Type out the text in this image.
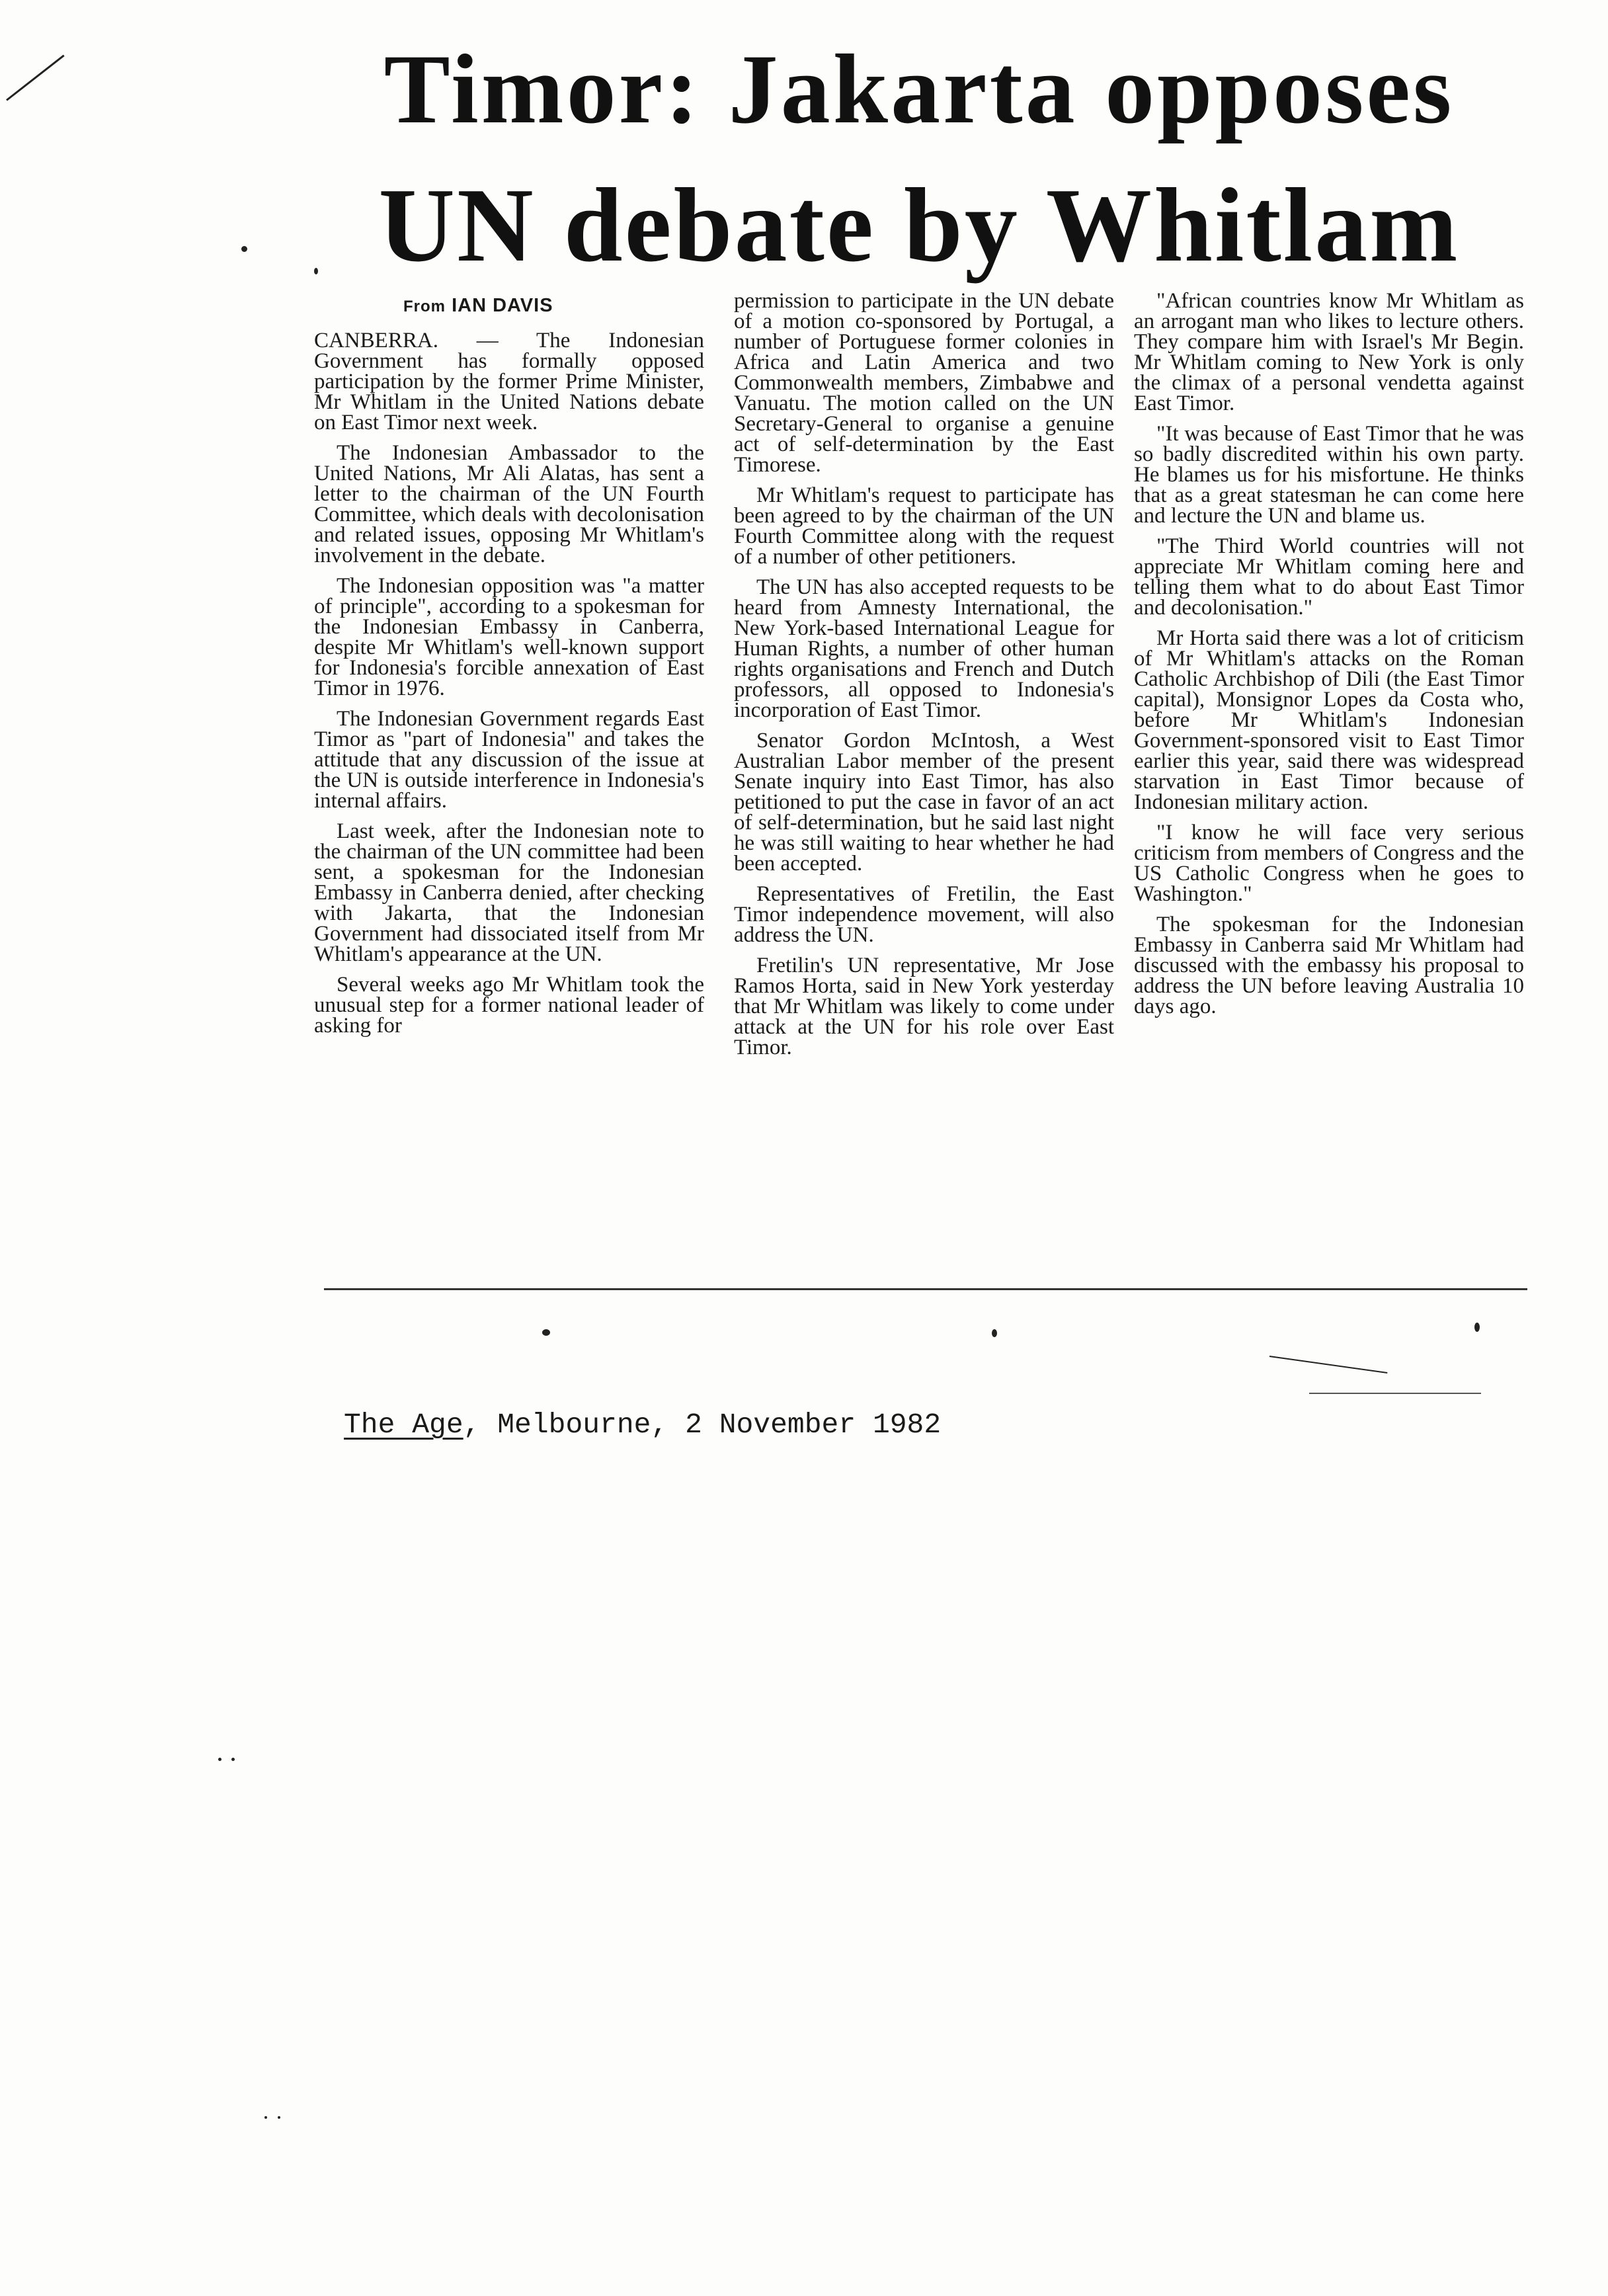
Timor: Jakarta opposes
UN debate by Whitlam
From IAN DAVIS

CANBERRA. — The Indonesian Government has formally opposed participation by the former Prime Minister, Mr Whitlam in the United Nations debate on East Timor next week.

The Indonesian Ambassador to the United Nations, Mr Ali Alatas, has sent a letter to the chairman of the UN Fourth Committee, which deals with decolonisation and related issues, opposing Mr Whitlam's involvement in the debate.

The Indonesian opposition was "a matter of principle", according to a spokesman for the Indonesian Embassy in Canberra, despite Mr Whitlam's well-known support for Indonesia's forcible annexation of East Timor in 1976.

The Indonesian Government regards East Timor as "part of Indonesia" and takes the attitude that any discussion of the issue at the UN is outside interference in Indonesia's internal affairs.

Last week, after the Indonesian note to the chairman of the UN committee had been sent, a spokesman for the Indonesian Embassy in Canberra denied, after checking with Jakarta, that the Indonesian Government had dissociated itself from Mr Whitlam's appearance at the UN.

Several weeks ago Mr Whitlam took the unusual step for a former national leader of asking for

permission to participate in the UN debate of a motion co-sponsored by Portugal, a number of Portuguese former colonies in Africa and Latin America and two Commonwealth members, Zimbabwe and Vanuatu. The motion called on the UN Secretary-General to organise a genuine act of self-determination by the East Timorese.

Mr Whitlam's request to participate has been agreed to by the chairman of the UN Fourth Committee along with the request of a number of other petitioners.

The UN has also accepted requests to be heard from Amnesty International, the New York-based International League for Human Rights, a number of other human rights organisations and French and Dutch professors, all opposed to Indonesia's incorporation of East Timor.

Senator Gordon McIntosh, a West Australian Labor member of the present Senate inquiry into East Timor, has also petitioned to put the case in favor of an act of self-determination, but he said last night he was still waiting to hear whether he had been accepted.

Representatives of Fretilin, the East Timor independence movement, will also address the UN.

Fretilin's UN representative, Mr Jose Ramos Horta, said in New York yesterday that Mr Whitlam was likely to come under attack at the UN for his role over East Timor.

"African countries know Mr Whitlam as an arrogant man who likes to lecture others. They compare him with Israel's Mr Begin. Mr Whitlam coming to New York is only the climax of a personal vendetta against East Timor.

"It was because of East Timor that he was so badly discredited within his own party. He blames us for his misfortune. He thinks that as a great statesman he can come here and lecture the UN and blame us.

"The Third World countries will not appreciate Mr Whitlam coming here and telling them what to do about East Timor and decolonisation."

Mr Horta said there was a lot of criticism of Mr Whitlam's attacks on the Roman Catholic Archbishop of Dili (the East Timor capital), Monsignor Lopes da Costa who, before Mr Whitlam's Indonesian Government-sponsored visit to East Timor earlier this year, said there was widespread starvation in East Timor because of Indonesian military action.

"I know he will face very serious criticism from members of Congress and the US Catholic Congress when he goes to Washington."

The spokesman for the Indonesian Embassy in Canberra said Mr Whitlam had discussed with the embassy his proposal to address the UN before leaving Australia 10 days ago.

The Age, Melbourne, 2 November 1982
